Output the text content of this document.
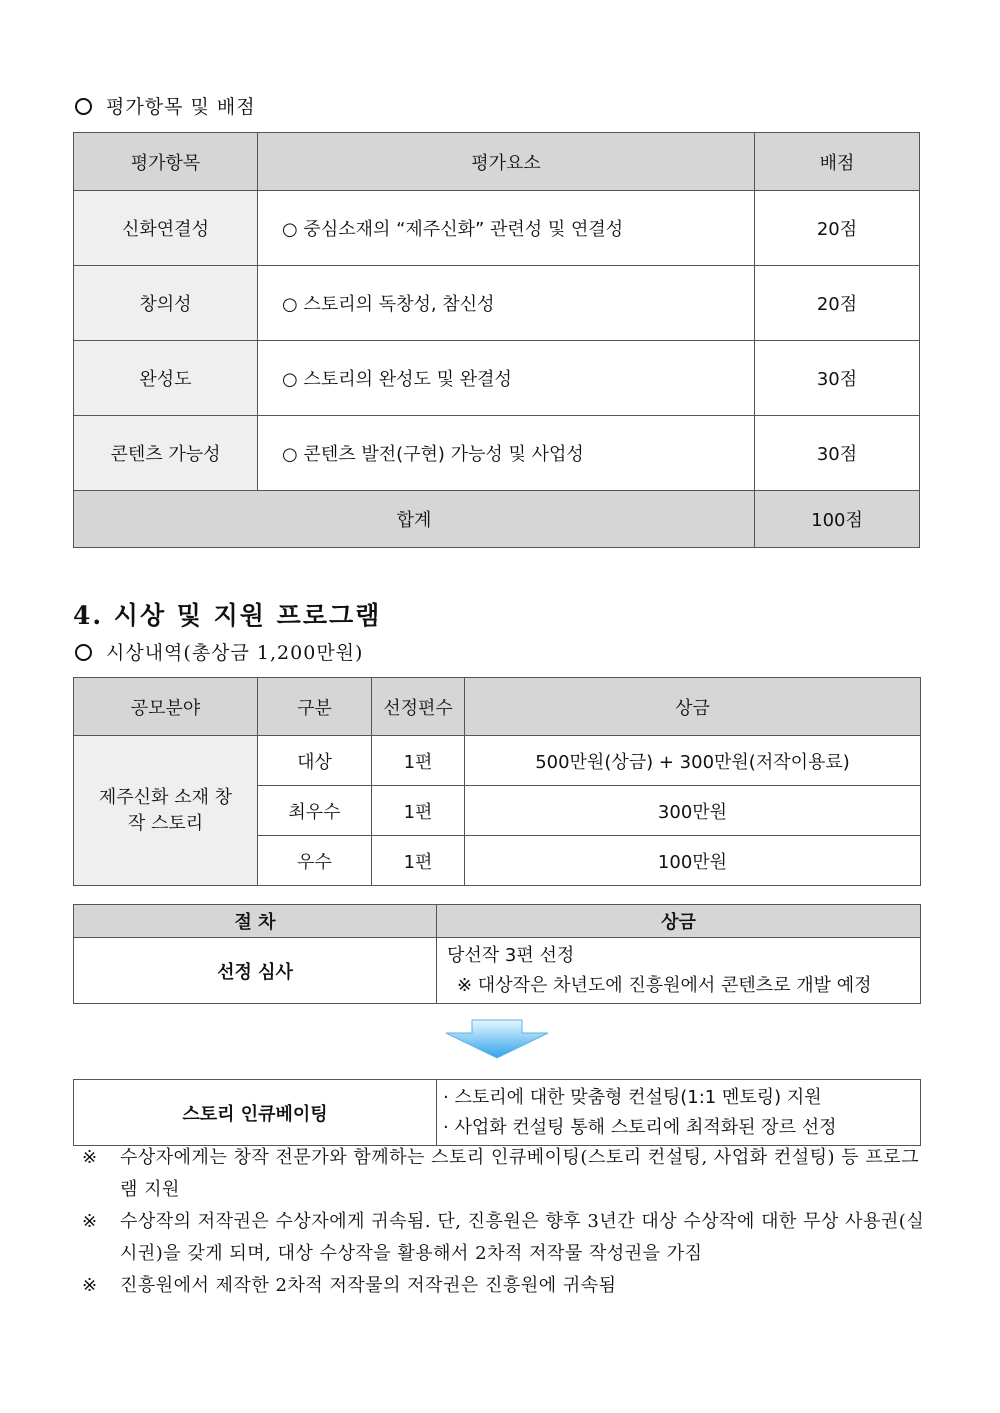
평가항목 및 배점
평가항목	평가요소	배점
신화연결성	○ 중심소재의 “제주신화” 관련성 및 연결성	20점
창의성	○ 스토리의 독창성, 참신성	20점
완성도	○ 스토리의 완성도 및 완결성	30점
콘텐츠 가능성	○ 콘텐츠 발전(구현) 가능성 및 사업성	30점
합계		100점
4. 시상 및 지원 프로그램
시상내역(총상금 1,200만원)
공모분야	구분	선정편수	상금
제주신화 소재 창작 스토리	대상	1편	500만원(상금) + 300만원(저작이용료)
	최우수	1편	300만원
	우수	1편	100만원
절 차	상금
선정 심사	당선작 3편 선정
※ 대상작은 차년도에 진흥원에서 콘텐츠로 개발 예정
스토리 인큐베이팅	
· 스토리에 대한 맞춤형 컨설팅(1:1 멘토링) 지원
· 사업화 컨설팅 통해 스토리에 최적화된 장르 선정
※ 수상자에게는 창작 전문가와 함께하는 스토리 인큐베이팅(스토리 컨설팅, 사업화 컨설팅) 등 프로그램 지원
※ 수상작의 저작권은 수상자에게 귀속됨. 단, 진흥원은 향후 3년간 대상 수상작에 대한 무상 사용권(실시권)을 갖게 되며, 대상 수상작을 활용해서 2차적 저작물 작성권을 가짐
※ 진흥원에서 제작한 2차적 저작물의 저작권은 진흥원에 귀속됨
